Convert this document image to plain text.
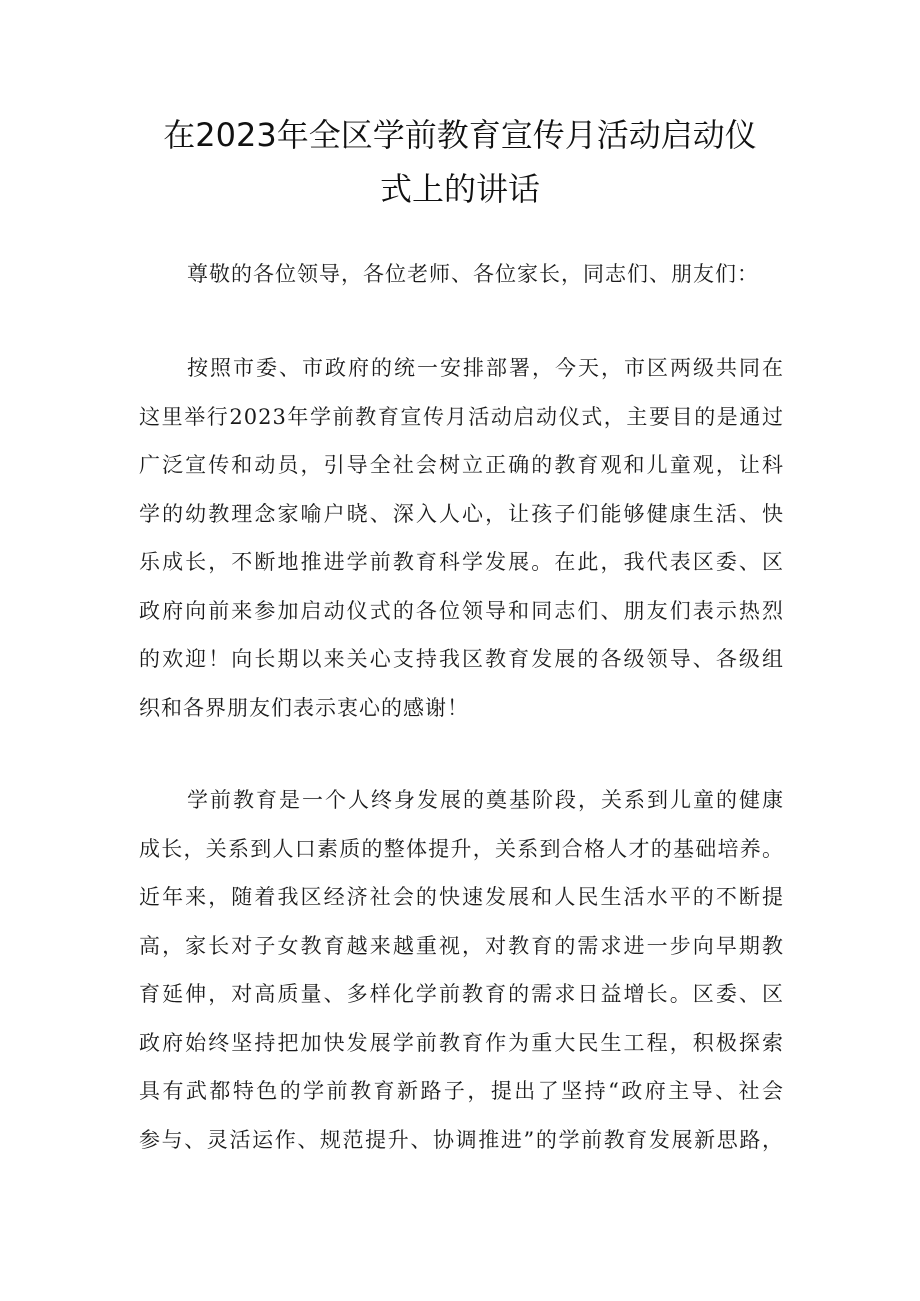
在2023年全区学前教育宣传月活动启动仪
式上的讲话

尊敬的各位领导，各位老师、各位家长，同志们、朋友们：

按照市委、市政府的统一安排部署，今天，市区两级共同在
这里举行2023年学前教育宣传月活动启动仪式，主要目的是通过
广泛宣传和动员，引导全社会树立正确的教育观和儿童观，让科
学的幼教理念家喻户晓、深入人心，让孩子们能够健康生活、快
乐成长，不断地推进学前教育科学发展。在此，我代表区委、区
政府向前来参加启动仪式的各位领导和同志们、朋友们表示热烈
的欢迎！向长期以来关心支持我区教育发展的各级领导、各级组
织和各界朋友们表示衷心的感谢！

学前教育是一个人终身发展的奠基阶段，关系到儿童的健康
成长，关系到人口素质的整体提升，关系到合格人才的基础培养。
近年来，随着我区经济社会的快速发展和人民生活水平的不断提
高，家长对子女教育越来越重视，对教育的需求进一步向早期教
育延伸，对高质量、多样化学前教育的需求日益增长。区委、区
政府始终坚持把加快发展学前教育作为重大民生工程，积极探索
具有武都特色的学前教育新路子，提出了坚持“政府主导、社会
参与、灵活运作、规范提升、协调推进”的学前教育发展新思路，
